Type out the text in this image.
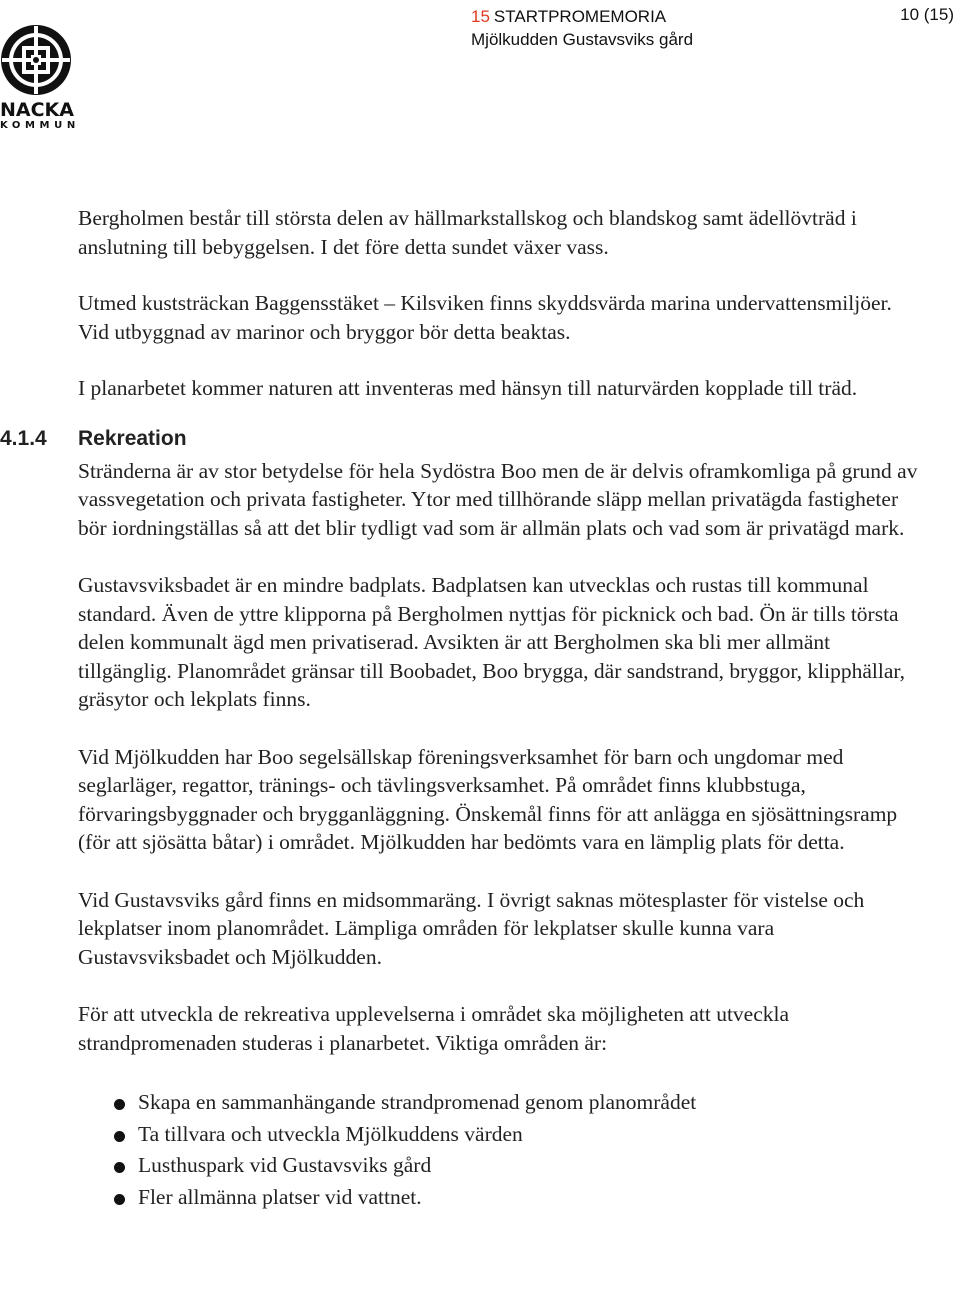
NACKA
KOMMUN
15 STARTPROMEMORIA
Mjölkudden Gustavsviks gård
10 (15)

Bergholmen består till största delen av hällmarkstallskog och blandskog samt ädellövträd i anslutning till bebyggelsen. I det före detta sundet växer vass.

Utmed kuststräckan Baggensstäket – Kilsviken finns skyddsvärda marina undervattensmiljöer. Vid utbyggnad av marinor och bryggor bör detta beaktas.

I planarbetet kommer naturen att inventeras med hänsyn till naturvärden kopplade till träd.

4.1.4 Rekreation

Stränderna är av stor betydelse för hela Sydöstra Boo men de är delvis oframkomliga på grund av vassvegetation och privata fastigheter. Ytor med tillhörande släpp mellan privatägda fastigheter bör iordningställas så att det blir tydligt vad som är allmän plats och vad som är privatägd mark.

Gustavsviksbadet är en mindre badplats. Badplatsen kan utvecklas och rustas till kommunal standard. Även de yttre klipporna på Bergholmen nyttjas för picknick och bad. Ön är tills törsta delen kommunalt ägd men privatiserad. Avsikten är att Bergholmen ska bli mer allmänt tillgänglig. Planområdet gränsar till Boobadet, Boo brygga, där sandstrand, bryggor, klipphällar, gräsytor och lekplats finns.

Vid Mjölkudden har Boo segelsällskap föreningsverksamhet för barn och ungdomar med seglarläger, regattor, tränings- och tävlingsverksamhet. På området finns klubbstuga, förvaringsbyggnader och brygganläggning. Önskemål finns för att anlägga en sjösättningsramp (för att sjösätta båtar) i området. Mjölkudden har bedömts vara en lämplig plats för detta.

Vid Gustavsviks gård finns en midsommaräng. I övrigt saknas mötesplaster för vistelse och lekplatser inom planområdet. Lämpliga områden för lekplatser skulle kunna vara Gustavsviksbadet och Mjölkudden.

För att utveckla de rekreativa upplevelserna i området ska möjligheten att utveckla strandpromenaden studeras i planarbetet. Viktiga områden är:

Skapa en sammanhängande strandpromenad genom planområdet
Ta tillvara och utveckla Mjölkuddens värden
Lusthuspark vid Gustavsviks gård
Fler allmänna platser vid vattnet.
